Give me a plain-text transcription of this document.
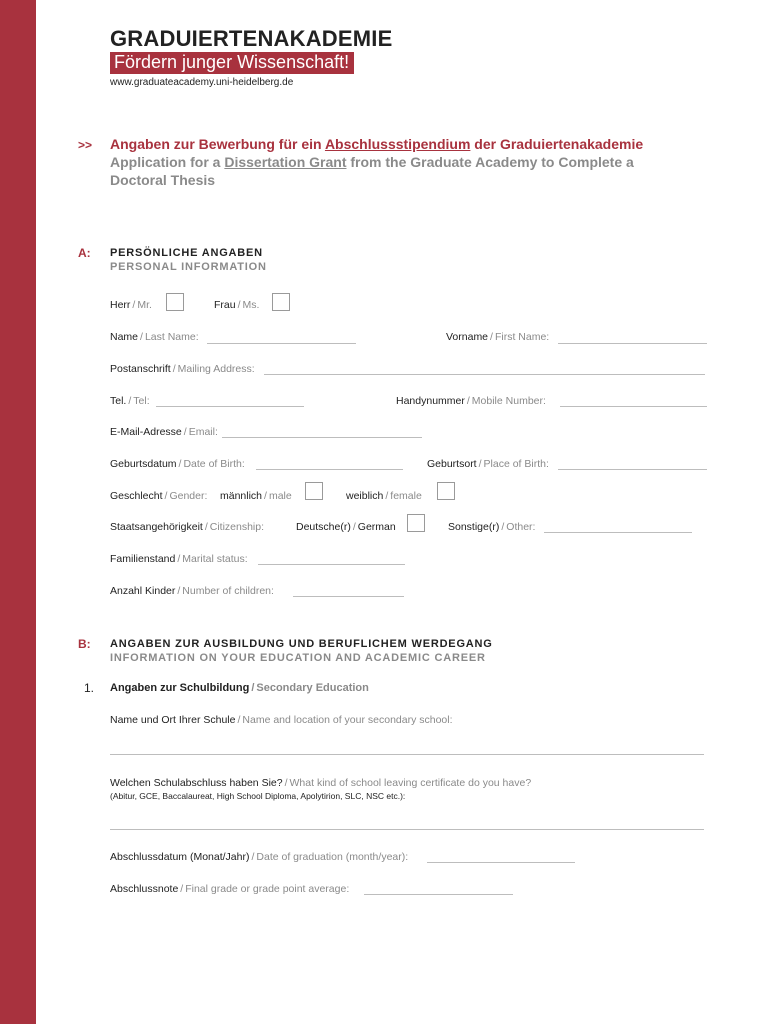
GRADUIERTENAKADEMIE
Fördern junger Wissenschaft!
www.graduateacademy.uni-heidelberg.de
>> Angaben zur Bewerbung für ein Abschlussstipendium der Graduiertenakademie
Application for a Dissertation Grant from the Graduate Academy to Complete a
Doctoral Thesis
A: PERSÖNLICHE ANGABEN
PERSONAL INFORMATION
Herr / Mr.	Frau / Ms.
Name / Last Name:	Vorname / First Name:
Postanschrift / Mailing Address:
Tel. / Tel:	Handynummer / Mobile Number:
E-Mail-Adresse / Email:
Geburtsdatum / Date of Birth:	Geburtsort / Place of Birth:
Geschlecht / Gender: männlich / male	weiblich / female
Staatsangehörigkeit / Citizenship:	Deutsche(r) / German	Sonstige(r) / Other:
Familienstand / Marital status:
Anzahl Kinder / Number of children:
B: ANGABEN ZUR AUSBILDUNG UND BERUFLICHEM WERDEGANG
INFORMATION ON YOUR EDUCATION AND ACADEMIC CAREER
1. Angaben zur Schulbildung / Secondary Education
Name und Ort Ihrer Schule / Name and location of your secondary school:
Welchen Schulabschluss haben Sie? / What kind of school leaving certificate do you have?
(Abitur, GCE, Baccalaureat, High School Diploma, Apolytirion, SLC, NSC etc.):
Abschlussdatum (Monat/Jahr) / Date of graduation (month/year):
Abschlussnote / Final grade or grade point average:
